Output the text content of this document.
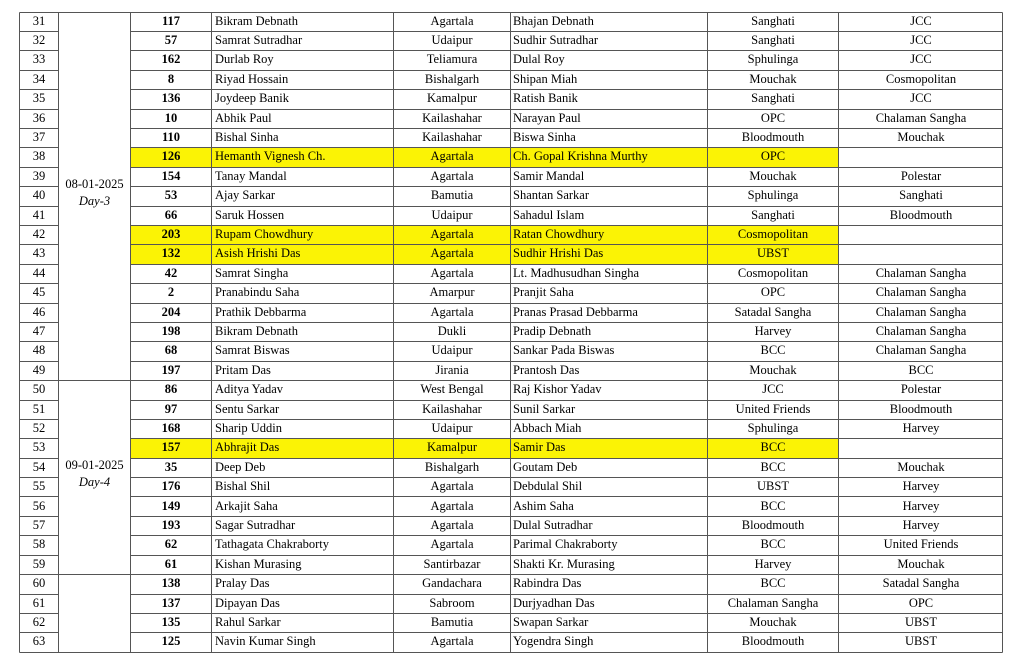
31	117	Bikram Debnath	Agartala	Bhajan Debnath	Sanghati	JCC
32	57	Samrat Sutradhar	Udaipur	Sudhir Sutradhar	Sanghati	JCC
33	162	Durlab Roy	Teliamura	Dulal Roy	Sphulinga	JCC
34	8	Riyad Hossain	Bishalgarh	Shipan Miah	Mouchak	Cosmopolitan
35	136	Joydeep Banik	Kamalpur	Ratish Banik	Sanghati	JCC
36	10	Abhik Paul	Kailashahar	Narayan Paul	OPC	Chalaman Sangha
37	110	Bishal Sinha	Kailashahar	Biswa Sinha	Bloodmouth	Mouchak
38	126	Hemanth Vignesh Ch.	Agartala	Ch. Gopal Krishna Murthy	OPC
39	154	Tanay Mandal	Agartala	Samir Mandal	Mouchak	Polestar
40	53	Ajay Sarkar	Bamutia	Shantan Sarkar	Sphulinga	Sanghati
41	66	Saruk Hossen	Udaipur	Sahadul Islam	Sanghati	Bloodmouth
42	203	Rupam Chowdhury	Agartala	Ratan Chowdhury	Cosmopolitan
43	132	Asish Hrishi Das	Agartala	Sudhir Hrishi Das	UBST
44	42	Samrat Singha	Agartala	Lt. Madhusudhan Singha	Cosmopolitan	Chalaman Sangha
45	2	Pranabindu Saha	Amarpur	Pranjit Saha	OPC	Chalaman Sangha
46	204	Prathik Debbarma	Agartala	Pranas Prasad Debbarma	Satadal Sangha	Chalaman Sangha
47	198	Bikram Debnath	Dukli	Pradip Debnath	Harvey	Chalaman Sangha
48	68	Samrat Biswas	Udaipur	Sankar Pada Biswas	BCC	Chalaman Sangha
49	197	Pritam Das	Jirania	Prantosh Das	Mouchak	BCC
50	86	Aditya Yadav	West Bengal	Raj Kishor Yadav	JCC	Polestar
51	97	Sentu Sarkar	Kailashahar	Sunil Sarkar	United Friends	Bloodmouth
52	168	Sharip Uddin	Udaipur	Abbach Miah	Sphulinga	Harvey
53	157	Abhrajit Das	Kamalpur	Samir Das	BCC
54	35	Deep Deb	Bishalgarh	Goutam Deb	BCC	Mouchak
55	176	Bishal Shil	Agartala	Debdulal Shil	UBST	Harvey
56	149	Arkajit Saha	Agartala	Ashim Saha	BCC	Harvey
57	193	Sagar Sutradhar	Agartala	Dulal Sutradhar	Bloodmouth	Harvey
58	62	Tathagata Chakraborty	Agartala	Parimal Chakraborty	BCC	United Friends
59	61	Kishan Murasing	Santirbazar	Shakti Kr. Murasing	Harvey	Mouchak
60	138	Pralay Das	Gandachara	Rabindra Das	BCC	Satadal Sangha
61	137	Dipayan Das	Sabroom	Durjyadhan Das	Chalaman Sangha	OPC
62	135	Rahul Sarkar	Bamutia	Swapan Sarkar	Mouchak	UBST
63	125	Navin Kumar Singh	Agartala	Yogendra Singh	Bloodmouth	UBST
08-01-2025
Day-3
09-01-2025
Day-4
